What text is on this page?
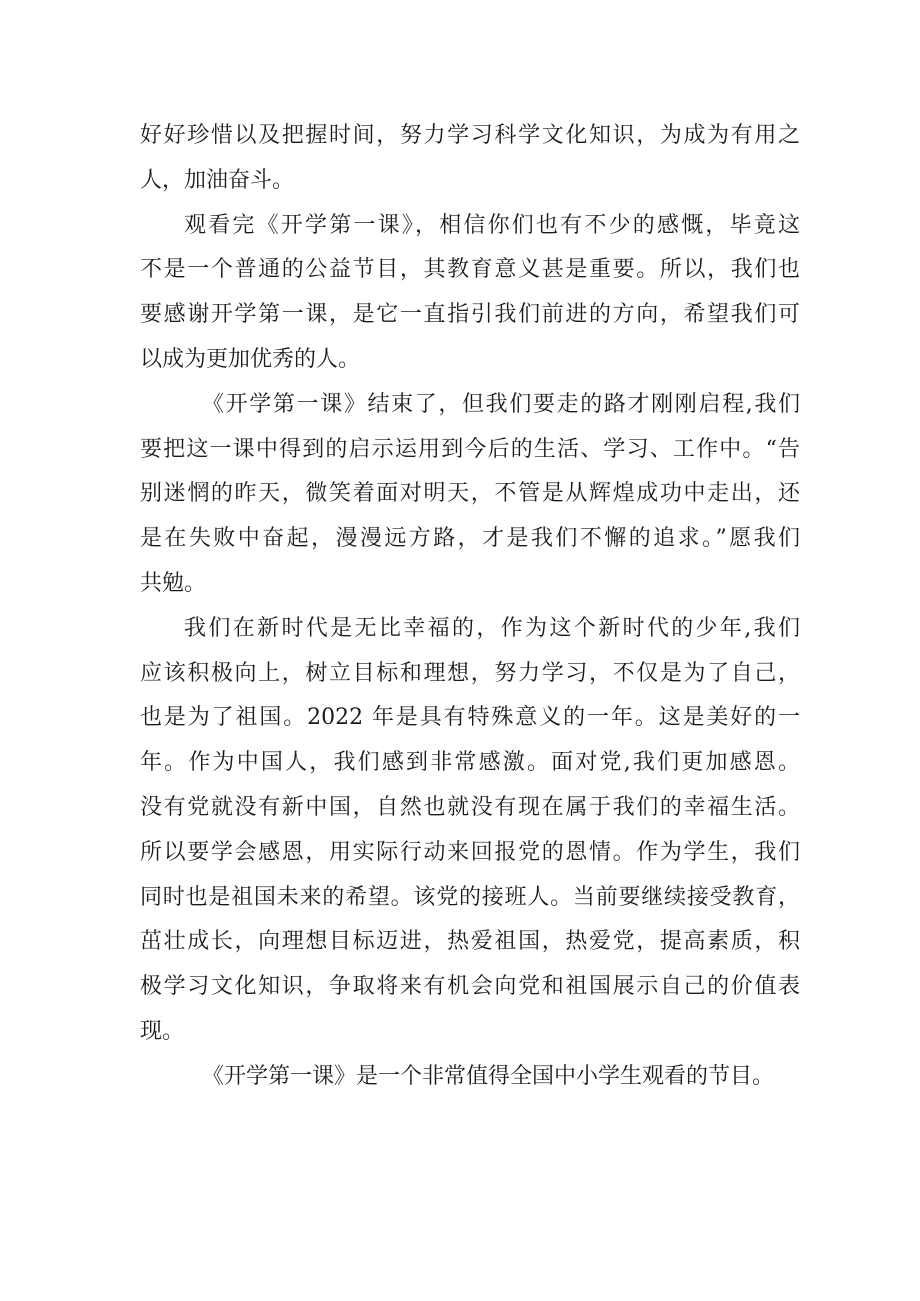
好好珍惜以及把握时间，努力学习科学文化知识，为成为有用之
人，加油奋斗。
观看完《开学第一课》，相信你们也有不少的感慨，毕竟这
不是一个普通的公益节目，其教育意义甚是重要。所以，我们也
要感谢开学第一课，是它一直指引我们前进的方向，希望我们可
以成为更加优秀的人。
《开学第一课》结束了，但我们要走的路才刚刚启程,我们
要把这一课中得到的启示运用到今后的生活、学习、工作中。“告
别迷惘的昨天，微笑着面对明天，不管是从辉煌成功中走出，还
是在失败中奋起，漫漫远方路，才是我们不懈的追求。”愿我们
共勉。
我们在新时代是无比幸福的，作为这个新时代的少年,我们
应该积极向上，树立目标和理想，努力学习，不仅是为了自己，
也是为了祖国。2022 年是具有特殊意义的一年。这是美好的一
年。作为中国人，我们感到非常感激。面对党,我们更加感恩。
没有党就没有新中国，自然也就没有现在属于我们的幸福生活。
所以要学会感恩，用实际行动来回报党的恩情。作为学生，我们
同时也是祖国未来的希望。该党的接班人。当前要继续接受教育，
茁壮成长，向理想目标迈进，热爱祖国，热爱党，提高素质，积
极学习文化知识，争取将来有机会向党和祖国展示自己的价值表
现。
《开学第一课》是一个非常值得全国中小学生观看的节目。
